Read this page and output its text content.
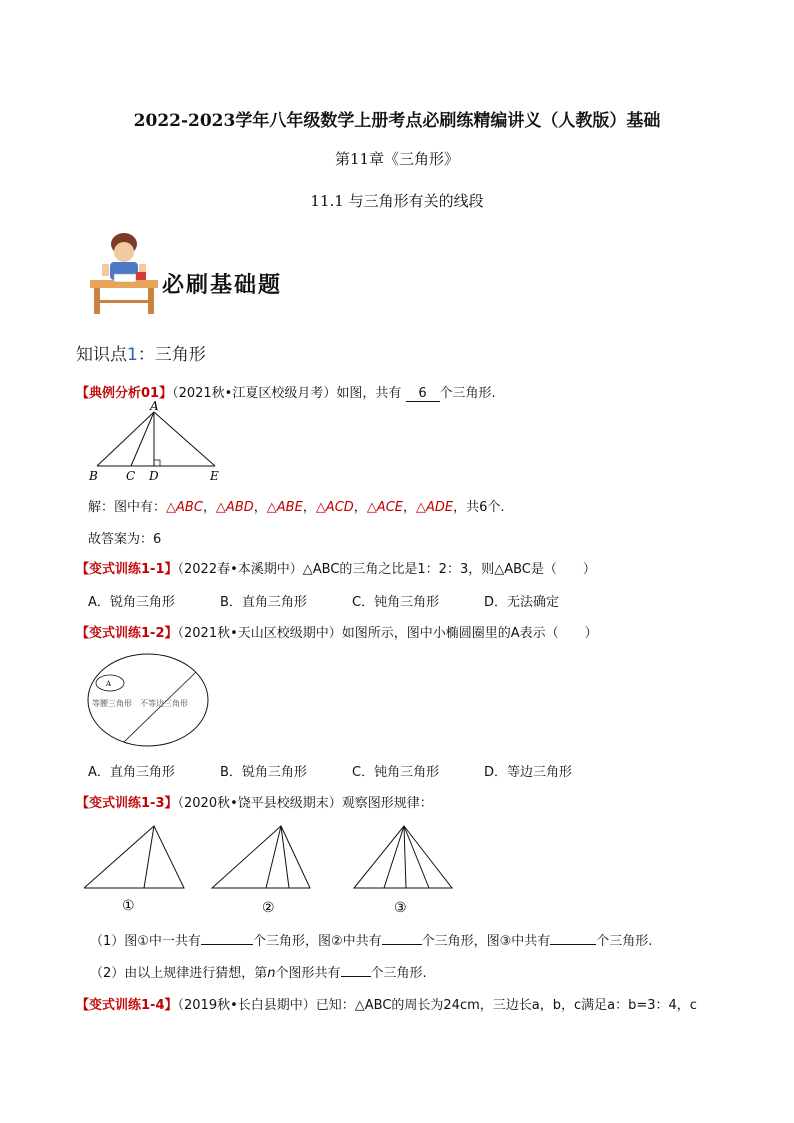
2022-2023学年八年级数学上册考点必刷练精编讲义（人教版）基础
第11章《三角形》
11.1 与三角形有关的线段
必刷基础题
知识点1：三角形
【典例分析01】（2021秋•江夏区校级月考）如图，共有 6 个三角形.
A
B C D	E
解：图中有：△ABC，△ABD，△ABE，△ACD，△ACE，△ADE，共6个.
故答案为：6
【变式训练1-1】（2022春•本溪期中）△ABC的三角之比是1：2：3，则△ABC是（　　）
A．锐角三角形	B．直角三角形	C．钝角三角形	D．无法确定
【变式训练1-2】（2021秋•天山区校级期中）如图所示，图中小椭圆圈里的A表示（　　）
A
等腰三角形 不等边三角形
A．直角三角形	B．锐角三角形	C．钝角三角形	D．等边三角形
【变式训练1-3】（2020秋•饶平县校级期末）观察图形规律：
①	②	③
（1）图①中一共有	个三角形，图②中共有	个三角形，图③中共有	个三角形.
（2）由以上规律进行猜想，第n个图形共有 个三角形.
【变式训练1-4】（2019秋•长白县期中）已知：△ABC的周长为24cm，三边长a，b，c满足a：b=3：4，c
